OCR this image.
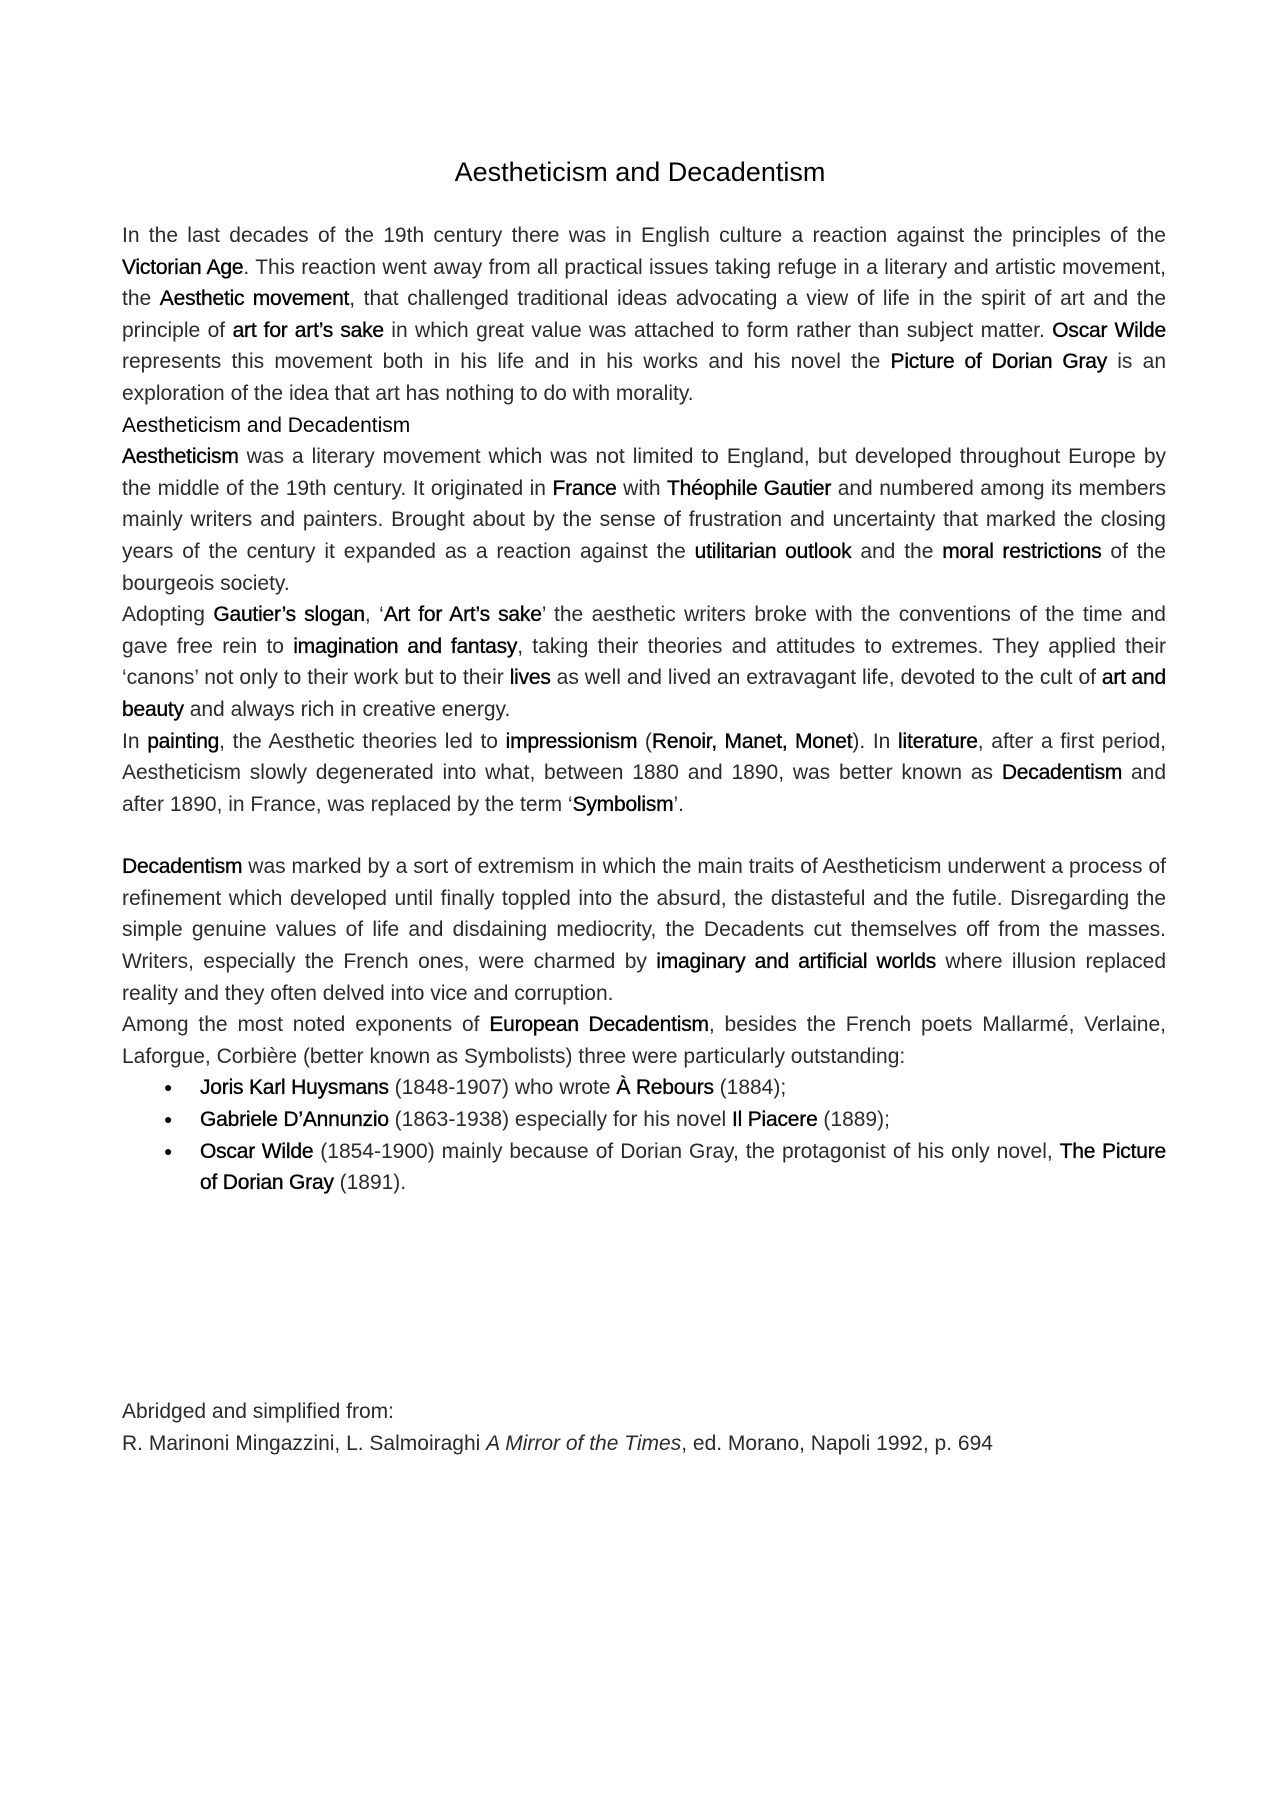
Aestheticism and Decadentism

In the last decades of the 19th century there was in English culture a reaction against the principles of the Victorian Age. This reaction went away from all practical issues taking refuge in a literary and artistic movement, the Aesthetic movement, that challenged traditional ideas advocating a view of life in the spirit of art and the principle of art for art’s sake in which great value was attached to form rather than subject matter. Oscar Wilde represents this movement both in his life and in his works and his novel the Picture of Dorian Gray is an exploration of the idea that art has nothing to do with morality.

Aestheticism and Decadentism

Aestheticism was a literary movement which was not limited to England, but developed throughout Europe by the middle of the 19th century. It originated in France with Théophile Gautier and numbered among its members mainly writers and painters. Brought about by the sense of frustration and uncertainty that marked the closing years of the century it expanded as a reaction against the utilitarian outlook and the moral restrictions of the bourgeois society.

Adopting Gautier’s slogan, ‘Art for Art’s sake’ the aesthetic writers broke with the conventions of the time and gave free rein to imagination and fantasy, taking their theories and attitudes to extremes. They applied their ‘canons’ not only to their work but to their lives as well and lived an extravagant life, devoted to the cult of art and beauty and always rich in creative energy.

In painting, the Aesthetic theories led to impressionism (Renoir, Manet, Monet). In literature, after a first period, Aestheticism slowly degenerated into what, between 1880 and 1890, was better known as Decadentism and after 1890, in France, was replaced by the term ‘Symbolism’.

Decadentism was marked by a sort of extremism in which the main traits of Aestheticism underwent a process of refinement which developed until finally toppled into the absurd, the distasteful and the futile. Disregarding the simple genuine values of life and disdaining mediocrity, the Decadents cut themselves off from the masses. Writers, especially the French ones, were charmed by imaginary and artificial worlds where illusion replaced reality and they often delved into vice and corruption.

Among the most noted exponents of European Decadentism, besides the French poets Mallarmé, Verlaine, Laforgue, Corbière (better known as Symbolists) three were particularly outstanding:

● Joris Karl Huysmans (1848-1907) who wrote À Rebours (1884);
● Gabriele D’Annunzio (1863-1938) especially for his novel Il Piacere (1889);
● Oscar Wilde (1854-1900) mainly because of Dorian Gray, the protagonist of his only novel, The Picture of Dorian Gray (1891).
Abridged and simplified from:
R. Marinoni Mingazzini, L. Salmoiraghi A Mirror of the Times, ed. Morano, Napoli 1992, p. 694
